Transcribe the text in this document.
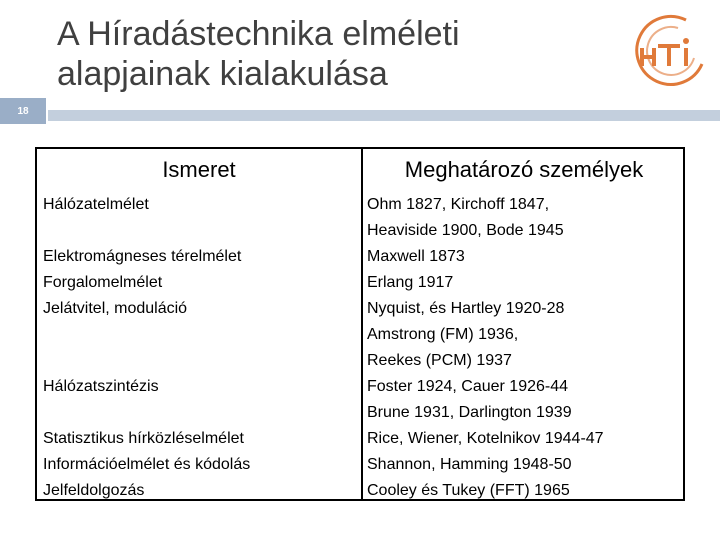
18
A Híradástechnika elméleti
alapjainak kialakulása
Ismeret	Meghatározó személyek
Hálózatelmélet
Elektromágneses térelmélet
Forgalomelmélet
Jelátvitel, moduláció
Hálózatszintézis
Statisztikus hírközléselmélet
Információelmélet és kódolás
Jelfeldolgozás
Ohm 1827, Kirchoff 1847,
Heaviside 1900, Bode 1945
Maxwell 1873
Erlang 1917
Nyquist, és Hartley 1920-28
Amstrong (FM) 1936,
Reekes (PCM) 1937
Foster 1924, Cauer 1926-44
Brune 1931, Darlington 1939
Rice, Wiener, Kotelnikov 1944-47
Shannon, Hamming 1948-50
Cooley és Tukey (FFT) 1965
